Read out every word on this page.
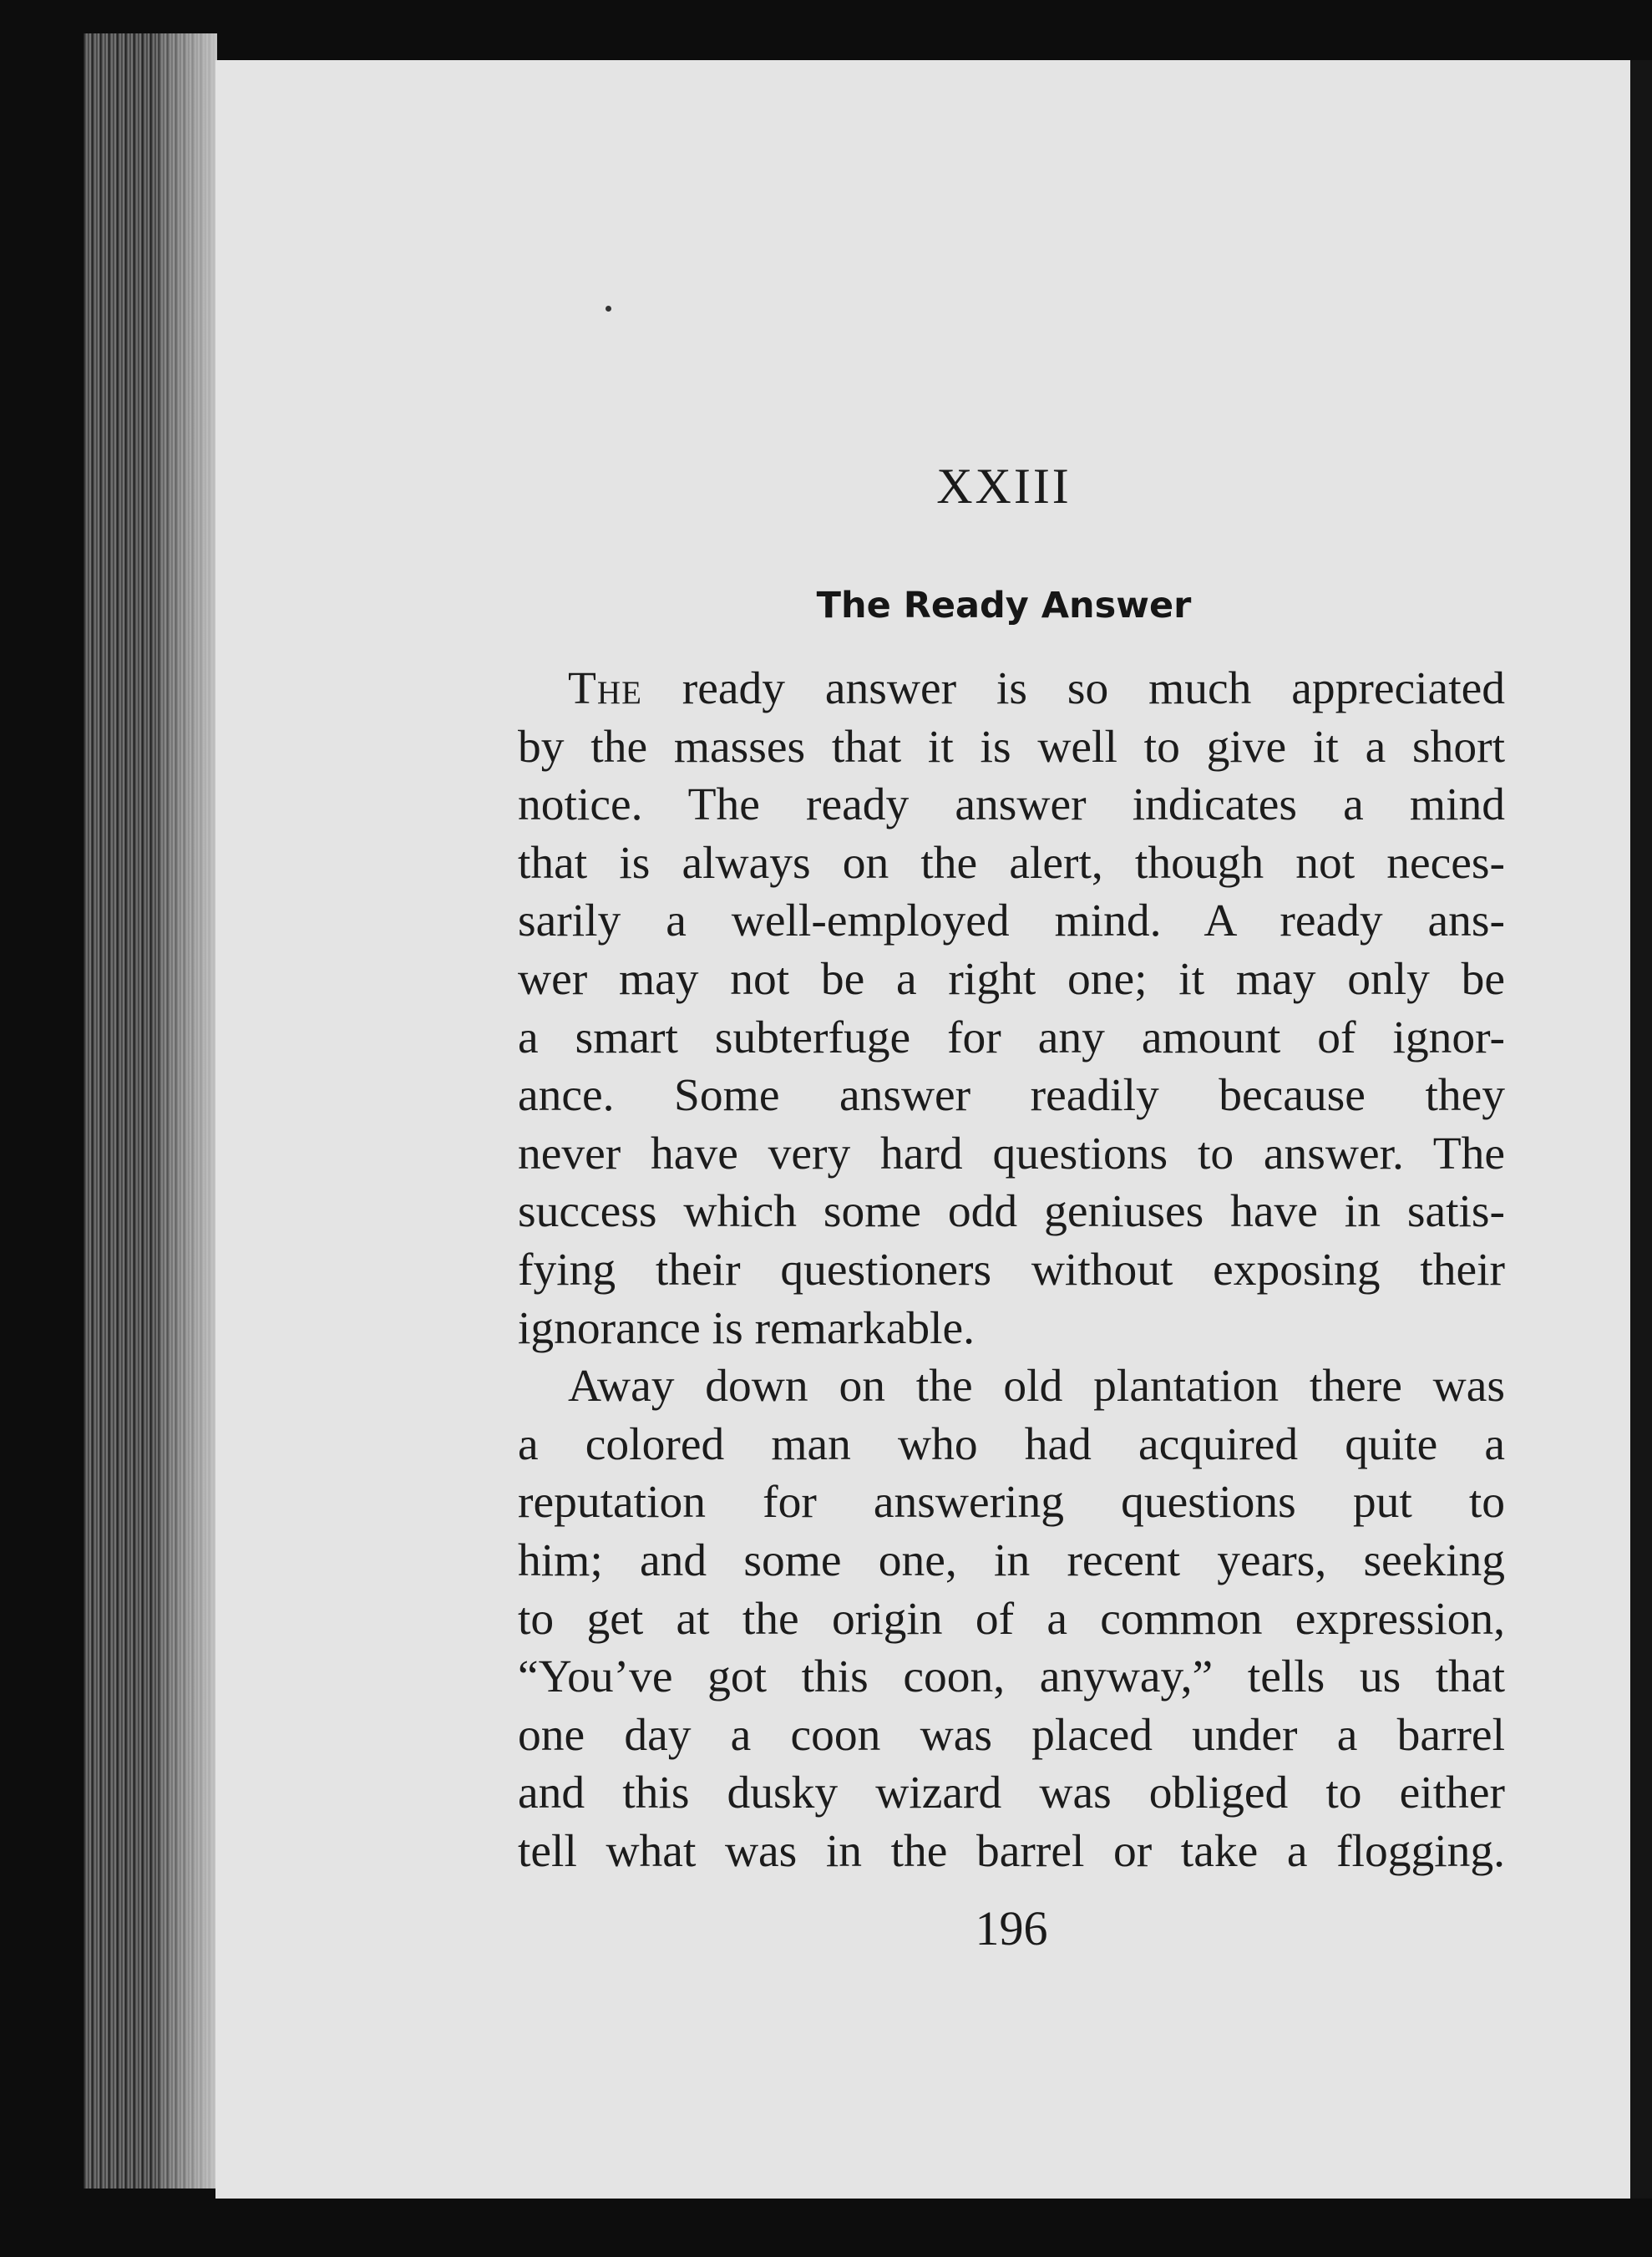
XXIII
The Ready Answer
The ready answer is so much appreciated
by the masses that it is well to give it a short
notice. The ready answer indicates a mind
that is always on the alert, though not neces-
sarily a well-employed mind. A ready ans-
wer may not be a right one; it may only be
a smart subterfuge for any amount of ignor-
ance. Some answer readily because they
never have very hard questions to answer. The
success which some odd geniuses have in satis-
fying their questioners without exposing their
ignorance is remarkable.
Away down on the old plantation there was
a colored man who had acquired quite a
reputation for answering questions put to
him; and some one, in recent years, seeking
to get at the origin of a common expression,
“You’ve got this coon, anyway,” tells us that
one day a coon was placed under a barrel
and this dusky wizard was obliged to either
tell what was in the barrel or take a flogging.
196
